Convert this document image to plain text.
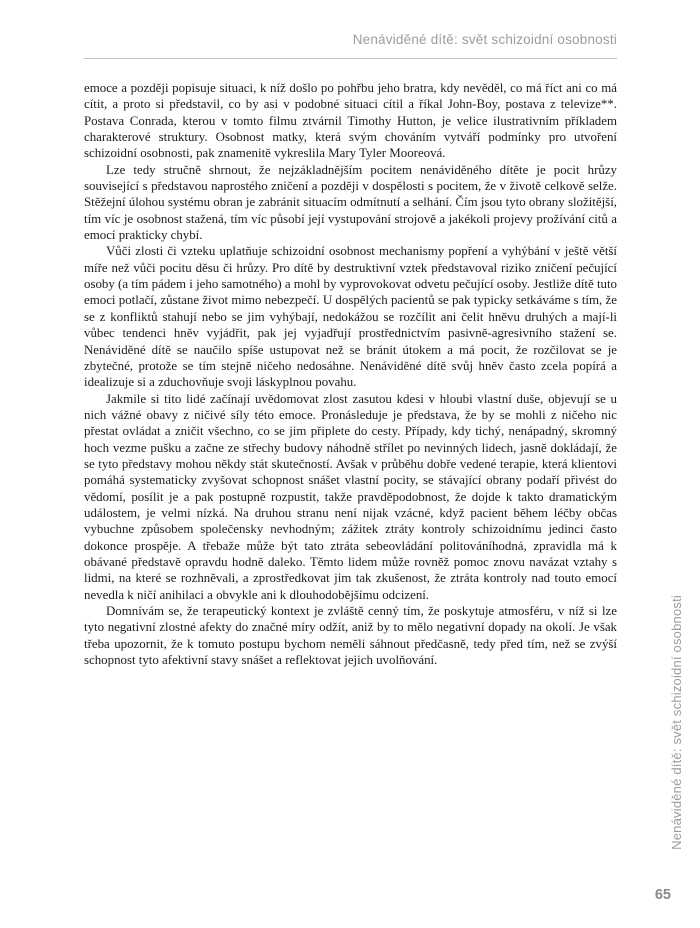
Nenáviděné dítě: svět schizoidní osobnosti

emoce a později popisuje situaci, k níž došlo po pohřbu jeho bratra, kdy nevěděl, co má říct ani co má cítit, a proto si představil, co by asi v podobné situaci cítil a říkal John-Boy, postava z televize**. Postava Conrada, kterou v tomto filmu ztvárnil Timothy Hutton, je velice ilustrativním příkladem charakterové struktury. Osobnost matky, která svým chováním vytváří podmínky pro utvoření schizoidní osobnosti, pak znamenitě vykreslila Mary Tyler Mooreová.

Lze tedy stručně shrnout, že nejzákladnějším pocitem nenáviděného dítěte je pocit hrůzy související s představou naprostého zničení a později v dospělosti s pocitem, že v životě celkově selže. Stěžejní úlohou systému obran je zabránit situacím odmítnutí a selhání. Čím jsou tyto obrany složitější, tím víc je osobnost stažená, tím víc působí její vystupování strojově a jakékoli projevy prožívání citů a emocí prakticky chybí.

Vůči zlosti či vzteku uplatňuje schizoidní osobnost mechanismy popření a vyhýbání v ještě větší míře než vůči pocitu děsu či hrůzy. Pro dítě by destruktivní vztek představoval riziko zničení pečující osoby (a tím pádem i jeho samotného) a mohl by vyprovokovat odvetu pečující osoby. Jestliže dítě tuto emoci potlačí, zůstane život mimo nebezpečí. U dospělých pacientů se pak typicky setkáváme s tím, že se z konfliktů stahují nebo se jim vyhýbají, nedokážou se rozčílit ani čelit hněvu druhých a mají-li vůbec tendenci hněv vyjádřit, pak jej vyjadřují prostřednictvím pasivně-agresivního stažení se. Nenáviděné dítě se naučilo spíše ustupovat než se bránit útokem a má pocit, že rozčilovat se je zbytečné, protože se tím stejně ničeho nedosáhne. Nenáviděné dítě svůj hněv často zcela popírá a idealizuje si a zduchovňuje svoji láskyplnou povahu.

Jakmile si tito lidé začínají uvědomovat zlost zasutou kdesi v hloubi vlastní duše, objevují se u nich vážné obavy z ničivé síly této emoce. Pronásleduje je představa, že by se mohli z ničeho nic přestat ovládat a zničit všechno, co se jim připlete do cesty. Případy, kdy tichý, nenápadný, skromný hoch vezme pušku a začne ze střechy budovy náhodně střílet po nevinných lidech, jasně dokládají, že se tyto představy mohou někdy stát skutečností. Avšak v průběhu dobře vedené terapie, která klientovi pomáhá systematicky zvyšovat schopnost snášet vlastní pocity, se stávající obrany podaří přivést do vědomí, posílit je a pak postupně rozpustit, takže pravděpodobnost, že dojde k takto dramatickým událostem, je velmi nízká. Na druhou stranu není nijak vzácné, když pacient během léčby občas vybuchne způsobem společensky nevhodným; zážitek ztráty kontroly schizoidnímu jedinci často dokonce prospěje. A třebaže může být tato ztráta sebeovládání politováníhodná, zpravidla má k obávané představě opravdu hodně daleko. Těmto lidem může rovněž pomoc znovu navázat vztahy s lidmi, na které se rozhněvali, a zprostředkovat jim tak zkušenost, že ztráta kontroly nad touto emocí nevedla k ničí anihilaci a obvykle ani k dlouhodobějšímu odcizení.

Domnívám se, že terapeutický kontext je zvláště cenný tím, že poskytuje atmosféru, v níž si lze tyto negativní zlostné afekty do značné míry odžít, aniž by to mělo negativní dopady na okolí. Je však třeba upozornit, že k tomuto postupu bychom neměli sáhnout předčasně, tedy před tím, než se zvýší schopnost tyto afektivní stavy snášet a reflektovat jejich uvolňování.	Nenáviděné dítě: svět schizoidní osobnosti
65
